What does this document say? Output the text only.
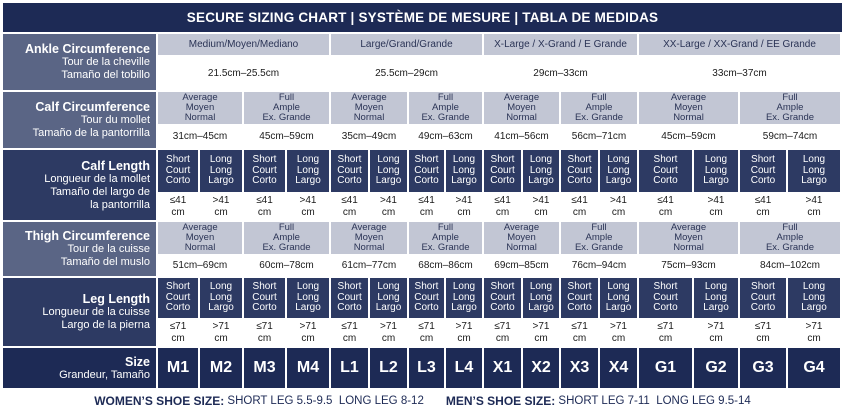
SECURE SIZING CHART | SYSTÈME DE MESURE | TABLA DE MEDIDAS
WOMEN’S SHOE SIZE: SHORT LEG 5.5-9.5  LONG LEG 8-12 MEN’S SHOE SIZE: SHORT LEG 7-11  LONG LEG 9.5-14
Ankle Circumference
Tour de la cheville
Tamaño del tobillo
Medium/Moyen/Mediano
21.5cm–25.5cm
Large/Grand/Grande
25.5cm–29cm
X-Large / X-Grand / E Grande
29cm–33cm
XX-Large / XX-Grand / EE Grande
33cm–37cm
Calf Circumference
Tour du mollet
Tamaño de la pantorrilla
Average
Moyen
Normal
31cm–45cm
Full
Ample
Ex. Grande
45cm–59cm
Average
Moyen
Normal
35cm–49cm
Full
Ample
Ex. Grande
49cm–63cm
Average
Moyen
Normal
41cm–56cm
Full
Ample
Ex. Grande
56cm–71cm
Average
Moyen
Normal
45cm–59cm
Full
Ample
Ex. Grande
59cm–74cm
Thigh Circumference
Tour de la cuisse
Tamaño del muslo
Average
Moyen
Normal
51cm–69cm
Full
Ample
Ex. Grande
60cm–78cm
Average
Moyen
Normal
61cm–77cm
Full
Ample
Ex. Grande
68cm–86cm
Average
Moyen
Normal
69cm–85cm
Full
Ample
Ex. Grande
76cm–94cm
Average
Moyen
Normal
75cm–93cm
Full
Ample
Ex. Grande
84cm–102cm
Calf Length
Longueur de la mollet
Tamaño del largo de
la pantorrilla
Short
Court
Corto
≤41
cm
Long
Long
Largo
>41
cm
Short
Court
Corto
≤41
cm
Long
Long
Largo
>41
cm
Short
Court
Corto
≤41
cm
Long
Long
Largo
>41
cm
Short
Court
Corto
≤41
cm
Long
Long
Largo
>41
cm
Short
Court
Corto
≤41
cm
Long
Long
Largo
>41
cm
Short
Court
Corto
≤41
cm
Long
Long
Largo
>41
cm
Short
Court
Corto
≤41
cm
Long
Long
Largo
>41
cm
Short
Court
Corto
≤41
cm
Long
Long
Largo
>41
cm
Leg Length
Longueur de la cuisse
Largo de la pierna
Short
Court
Corto
≤71
cm
Long
Long
Largo
>71
cm
Short
Court
Corto
≤71
cm
Long
Long
Largo
>71
cm
Short
Court
Corto
≤71
cm
Long
Long
Largo
>71
cm
Short
Court
Corto
≤71
cm
Long
Long
Largo
>71
cm
Short
Court
Corto
≤71
cm
Long
Long
Largo
>71
cm
Short
Court
Corto
≤71
cm
Long
Long
Largo
>71
cm
Short
Court
Corto
≤71
cm
Long
Long
Largo
>71
cm
Short
Court
Corto
≤71
cm
Long
Long
Largo
>71
cm
Size
Grandeur, Tamaño M1 M2 M3 M4 L1 L2 L3 L4 X1 X2 X3 X4 G1 G2 G3 G4
